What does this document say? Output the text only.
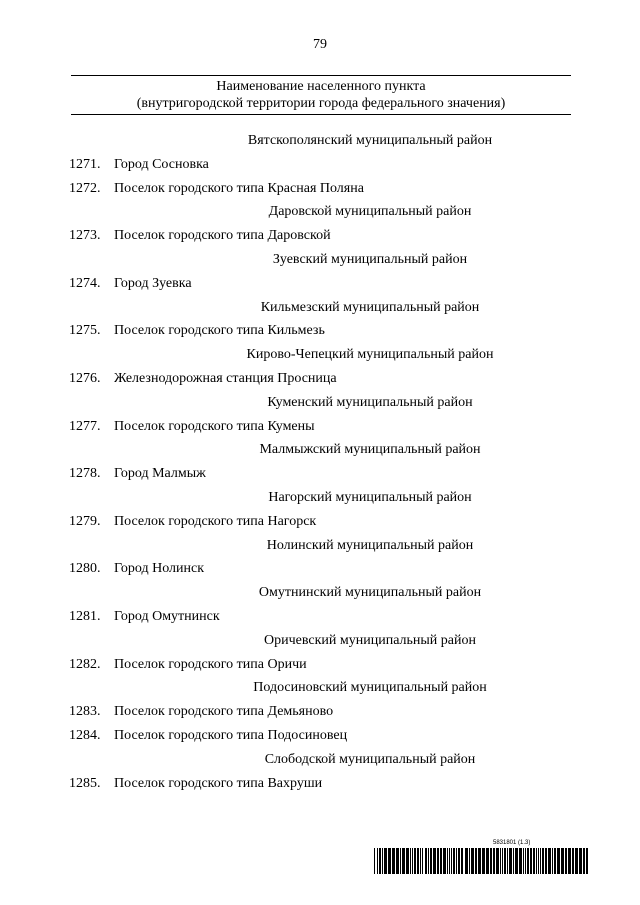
79
Наименование населенного пункта
(внутригородской территории города федерального значения)
Вятскополянский муниципальный район
1271. Город Сосновка
1272. Поселок городского типа Красная Поляна
Даровской муниципальный район
1273. Поселок городского типа Даровской
Зуевский муниципальный район
1274. Город Зуевка
Кильмезский муниципальный район
1275. Поселок городского типа Кильмезь
Кирово-Чепецкий муниципальный район
1276. Железнодорожная станция Просница
Куменский муниципальный район
1277. Поселок городского типа Кумены
Малмыжский муниципальный район
1278. Город Малмыж
Нагорский муниципальный район
1279. Поселок городского типа Нагорск
Нолинский муниципальный район
1280. Город Нолинск
Омутнинский муниципальный район
1281. Город Омутнинск
Оричевский муниципальный район
1282. Поселок городского типа Оричи
Подосиновский муниципальный район
1283. Поселок городского типа Демьяново
1284. Поселок городского типа Подосиновец
Слободской муниципальный район
1285. Поселок городского типа Вахруши
5831801 (1.3)
